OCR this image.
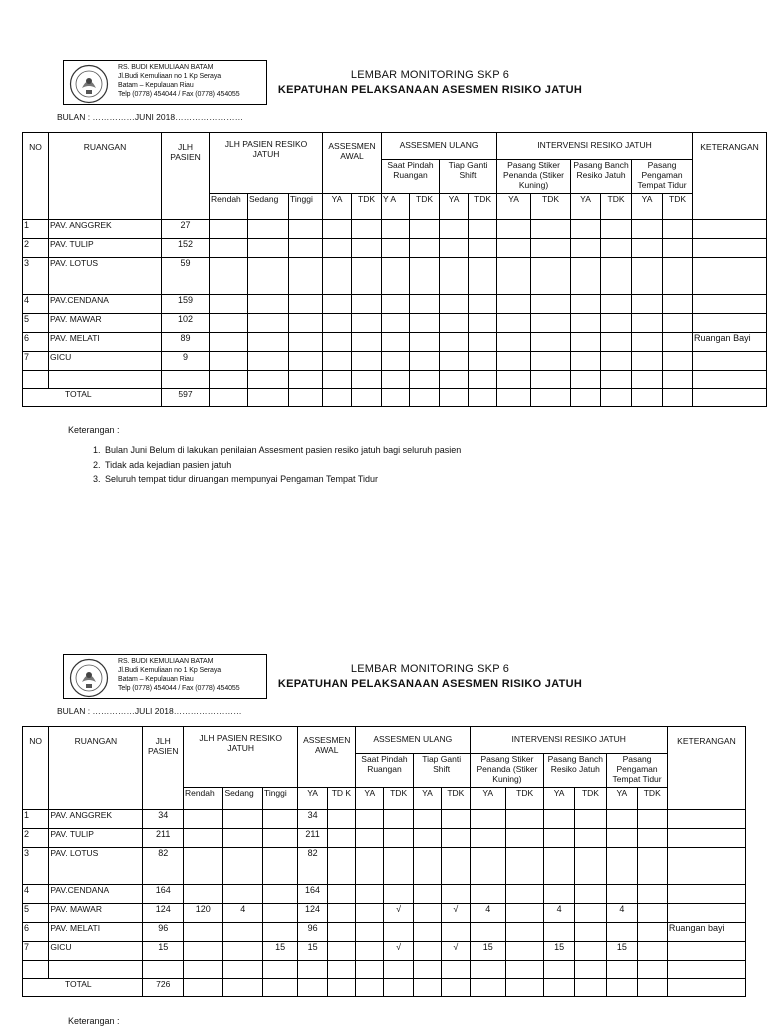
RS. BUDI KEMULIAAN BATAM
Jl.Budi Kemuliaan no 1 Kp Seraya
Batam – Kepulauan Riau
Telp (0778) 454044 / Fax (0778) 454055
LEMBAR MONITORING SKP 6
KEPATUHAN PELAKSANAAN ASESMEN RISIKO JATUH
BULAN : ……………JUNI 2018……………………
NO	RUANGAN	JLH PASIEN	JLH PASIEN RESIKO JATUH			ASSESMEN AWAL		ASSESMEN ULANG				INTERVENSI RESIKO JATUH						KETERANGAN
								Saat Pindah Ruangan		Tiap Ganti Shift		Pasang Stiker Penanda (Stiker Kuning)		Pasang Banch Resiko Jatuh		Pasang Pengaman Tempat Tidur		
			Rendah	Sedang	Tinggi	YA	TDK	Y A	TDK	YA	TDK	YA	TDK	YA	TDK	YA	TDK	
1	PAV. ANGGREK	27																
2	PAV. TULIP	152																
3	PAV. LOTUS	59																
4	PAV.CENDANA	159																
5	PAV. MAWAR	102																
6	PAV. MELATI	89																Ruangan Bayi
7	GICU	9																

TOTAL		597																
Keterangan :
1. Bulan Juni Belum di lakukan penilaian Assesment pasien resiko jatuh bagi seluruh pasien
2. Tidak ada kejadian pasien jatuh
3. Seluruh tempat tidur diruangan mempunyai Pengaman Tempat Tidur
RS. BUDI KEMULIAAN BATAM
Jl.Budi Kemuliaan no 1 Kp Seraya
Batam – Kepulauan Riau
Telp (0778) 454044 / Fax (0778) 454055
LEMBAR MONITORING SKP 6
KEPATUHAN PELAKSANAAN ASESMEN RISIKO JATUH
BULAN : ……………JULI 2018……………………
NO	RUANGAN	JLH PASIEN	JLH PASIEN RESIKO JATUH			ASSESMEN AWAL		ASSESMEN ULANG				INTERVENSI RESIKO JATUH						KETERANGAN
								Saat Pindah Ruangan		Tiap Ganti Shift		Pasang Stiker Penanda (Stiker Kuning)		Pasang Banch Resiko Jatuh		Pasang Pengaman Tempat Tidur		
			Rendah	Sedang	Tinggi	YA	TD K	YA	TDK	YA	TDK	YA	TDK	YA	TDK	YA	TDK	
1	PAV. ANGGREK	34				34												
2	PAV. TULIP	211				211												
3	PAV. LOTUS	82				82												
4	PAV.CENDANA	164				164												
5	PAV. MAWAR	124	120	4		124			√		√	4		4		4		
6	PAV. MELATI	96				96												Ruangan bayi
7	GICU	15			15	15			√		√	15		15		15		

TOTAL		726																
Keterangan :
